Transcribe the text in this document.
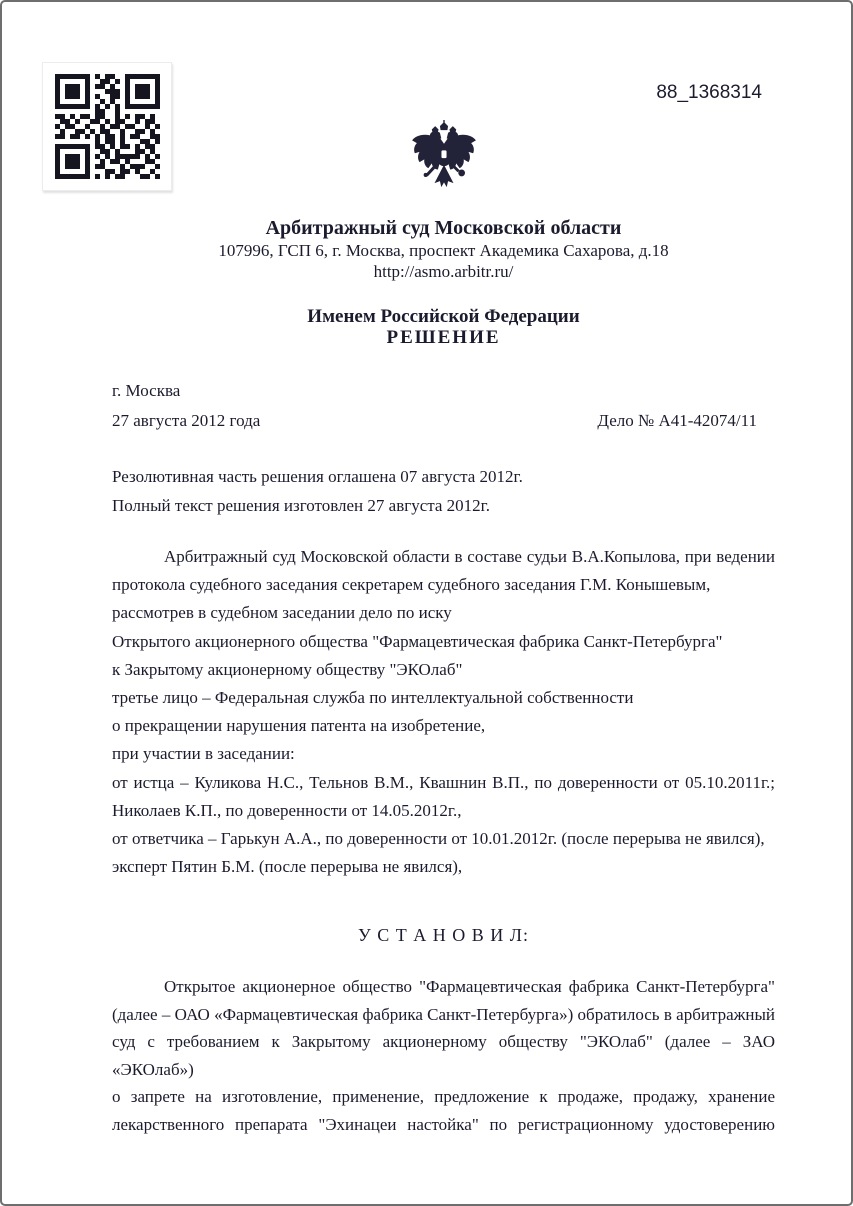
88_1368314
Арбитражный суд Московской области
107996, ГСП 6, г. Москва, проспект Академика Сахарова, д.18
http://asmo.arbitr.ru/
Именем Российской Федерации
РЕШЕНИЕ
г. Москва
27 августа 2012 года	Дело № А41-42074/11
Резолютивная часть решения оглашена 07 августа 2012г.
Полный текст решения изготовлен 27 августа 2012г.
Арбитражный суд Московской области в составе судьи В.А.Копылова, при ведении
протокола судебного заседания секретарем судебного заседания Г.М. Конышевым,
рассмотрев в судебном заседании дело по иску
Открытого акционерного общества "Фармацевтическая фабрика Санкт-Петербурга"
к Закрытому акционерному обществу "ЭКОлаб"
третье лицо – Федеральная служба по интеллектуальной собственности
о прекращении нарушения патента на изобретение,
при участии в заседании:
от истца – Куликова Н.С., Тельнов В.М., Квашнин В.П., по доверенности от 05.10.2011г.;
Николаев К.П., по доверенности от 14.05.2012г.,
от ответчика – Гарькун А.А., по доверенности от 10.01.2012г. (после перерыва не явился),
эксперт Пятин Б.М. (после перерыва не явился),
У С Т А Н О В И Л:
Открытое акционерное общество "Фармацевтическая фабрика Санкт-Петербурга"
(далее – ОАО «Фармацевтическая фабрика Санкт-Петербурга») обратилось в арбитражный
суд с требованием к Закрытому акционерному обществу "ЭКОлаб" (далее – ЗАО «ЭКОлаб»)
о запрете на изготовление, применение, предложение к продаже, продажу, хранение
лекарственного препарата "Эхинацеи настойка" по регистрационному удостоверению
